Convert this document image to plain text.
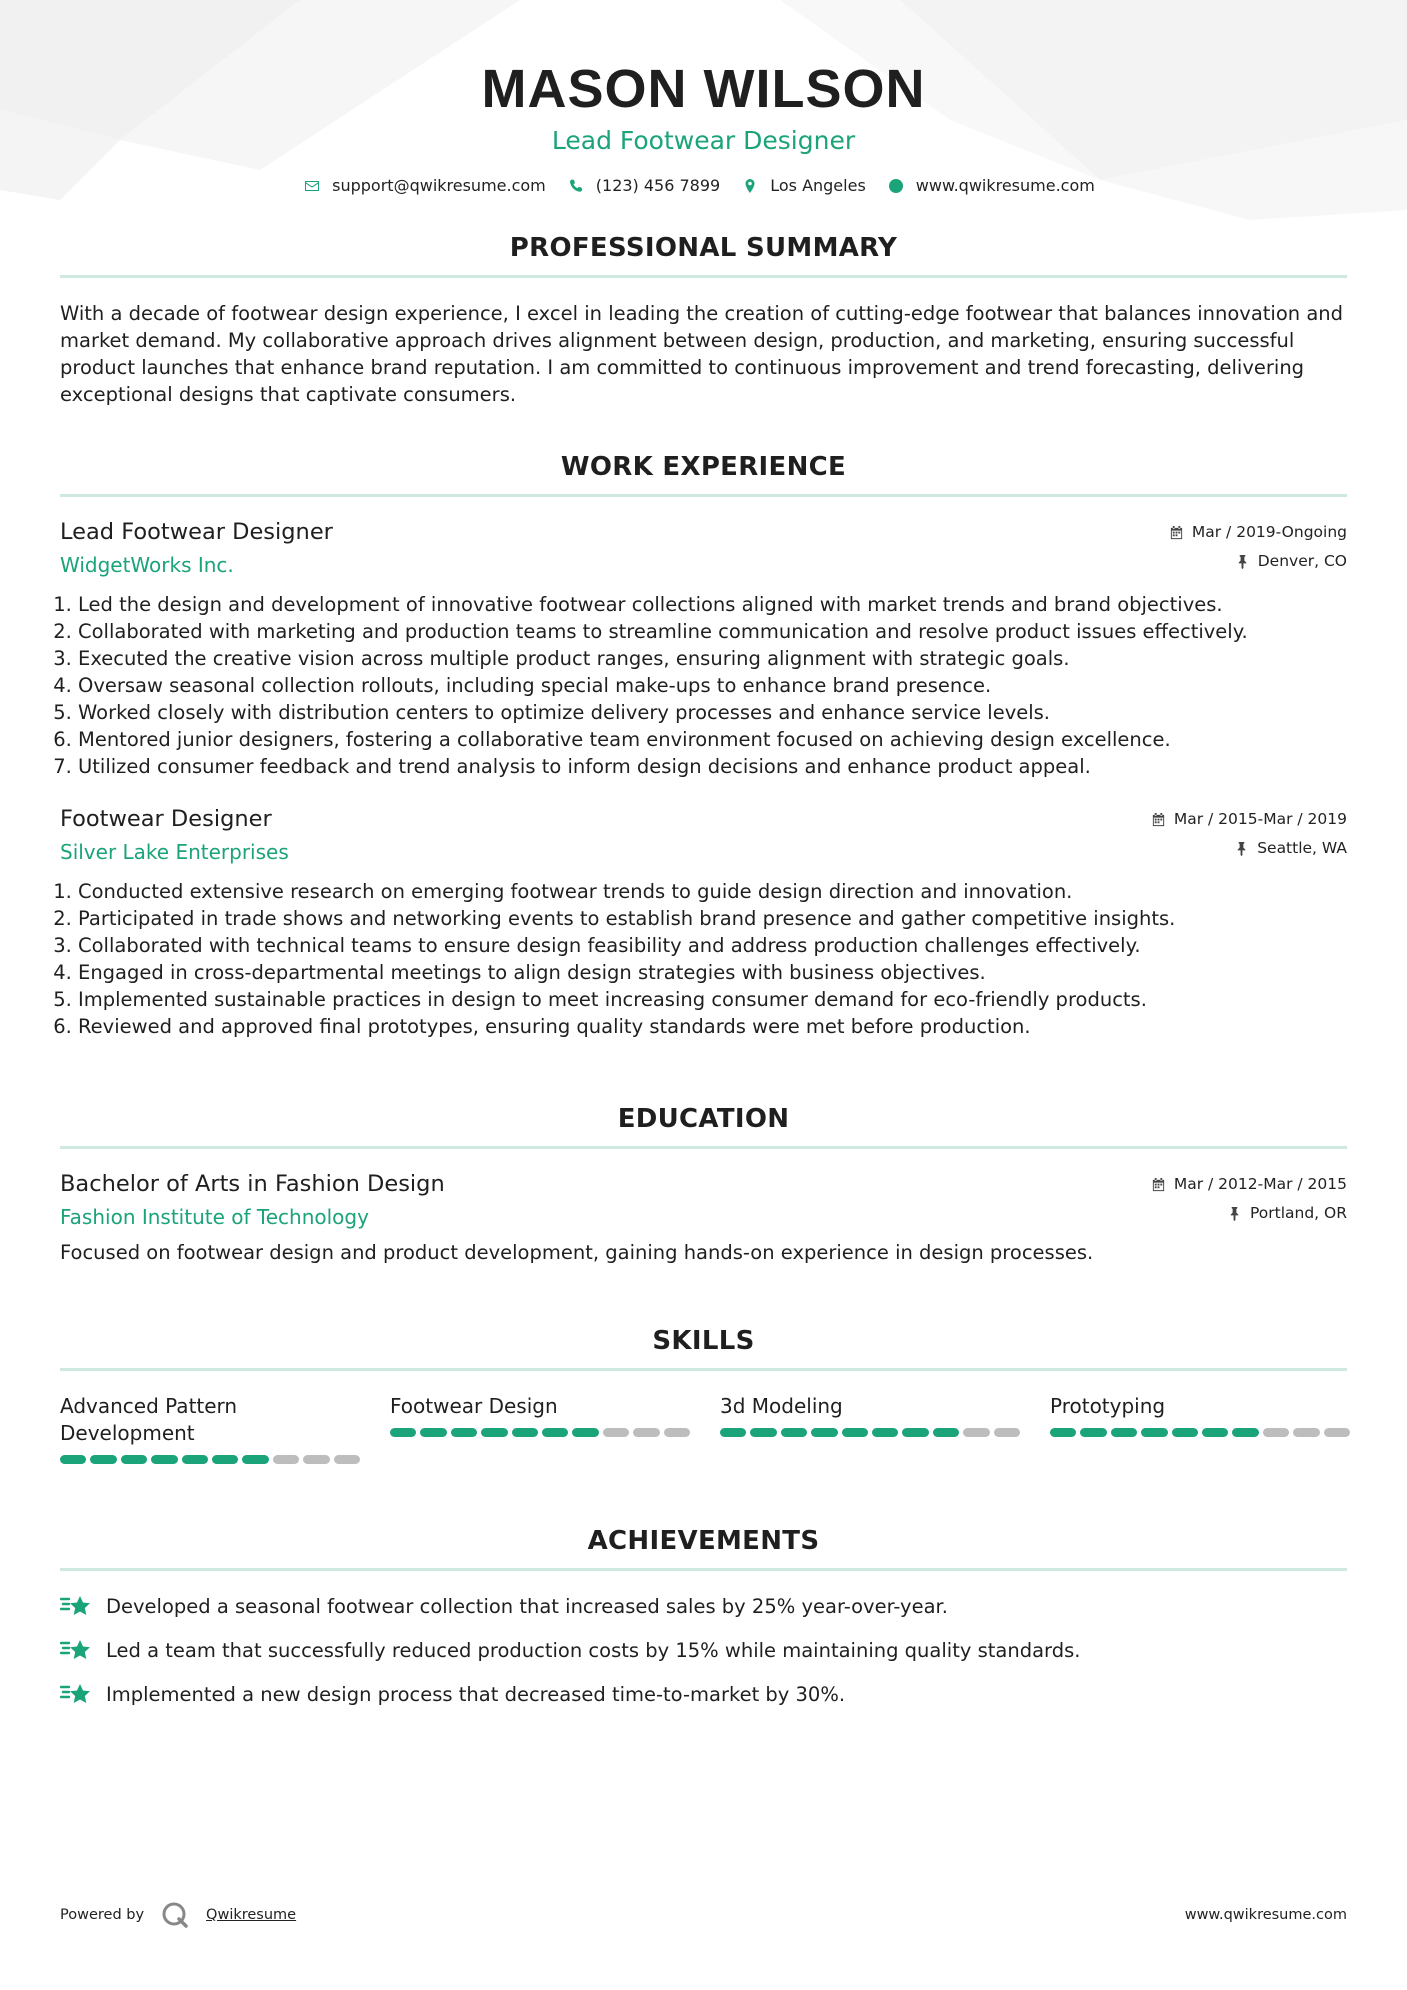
MASON WILSON
Lead Footwear Designer
support@qwikresume.com	(123) 456 7899	Los Angeles	www.qwikresume.com
PROFESSIONAL SUMMARY
With a decade of footwear design experience, I excel in leading the creation of cutting-edge footwear that balances innovation and market demand. My collaborative approach drives alignment between design, production, and marketing, ensuring successful product launches that enhance brand reputation. I am committed to continuous improvement and trend forecasting, delivering exceptional designs that captivate consumers.
WORK EXPERIENCE
Lead Footwear Designer	Mar / 2019-Ongoing
WidgetWorks Inc.	Denver, CO
1. Led the design and development of innovative footwear collections aligned with market trends and brand objectives.
2. Collaborated with marketing and production teams to streamline communication and resolve product issues effectively.
3. Executed the creative vision across multiple product ranges, ensuring alignment with strategic goals.
4. Oversaw seasonal collection rollouts, including special make-ups to enhance brand presence.
5. Worked closely with distribution centers to optimize delivery processes and enhance service levels.
6. Mentored junior designers, fostering a collaborative team environment focused on achieving design excellence.
7. Utilized consumer feedback and trend analysis to inform design decisions and enhance product appeal.
Footwear Designer	Mar / 2015-Mar / 2019
Silver Lake Enterprises	Seattle, WA
1. Conducted extensive research on emerging footwear trends to guide design direction and innovation.
2. Participated in trade shows and networking events to establish brand presence and gather competitive insights.
3. Collaborated with technical teams to ensure design feasibility and address production challenges effectively.
4. Engaged in cross-departmental meetings to align design strategies with business objectives.
5. Implemented sustainable practices in design to meet increasing consumer demand for eco-friendly products.
6. Reviewed and approved final prototypes, ensuring quality standards were met before production.
EDUCATION
Bachelor of Arts in Fashion Design	Mar / 2012-Mar / 2015
Fashion Institute of Technology	Portland, OR
Focused on footwear design and product development, gaining hands-on experience in design processes.
SKILLS
Advanced Pattern Development
Footwear Design	3d Modeling	Prototyping
ACHIEVEMENTS
Developed a seasonal footwear collection that increased sales by 25% year-over-year.
Led a team that successfully reduced production costs by 15% while maintaining quality standards.
Implemented a new design process that decreased time-to-market by 30%.
Powered by	Qwikresume	www.qwikresume.com
